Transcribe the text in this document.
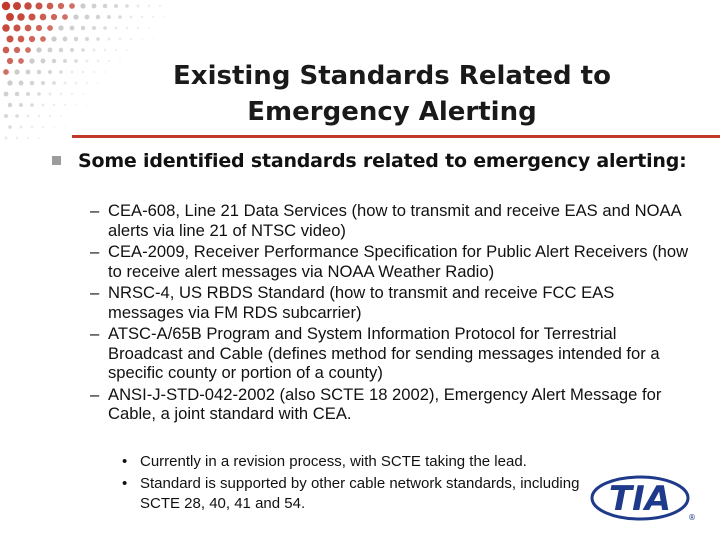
Existing Standards Related to
Emergency Alerting
Some identified standards related to emergency alerting:
– CEA-608, Line 21 Data Services (how to transmit and receive EAS and NOAA alerts via line 21 of NTSC video)
– CEA-2009, Receiver Performance Specification for Public Alert Receivers (how to receive alert messages via NOAA Weather Radio)
– NRSC-4, US RBDS Standard (how to transmit and receive FCC EAS messages via FM RDS subcarrier)
– ATSC-A/65B Program and System Information Protocol for Terrestrial Broadcast and Cable (defines method for sending messages intended for a specific county or portion of a county)
– ANSI-J-STD-042-2002 (also SCTE 18 2002), Emergency Alert Message for Cable, a joint standard with CEA.
• Currently in a revision process, with SCTE taking the lead.
• Standard is supported by other cable network standards, including SCTE 28, 40, 41 and 54.	TIA ®
